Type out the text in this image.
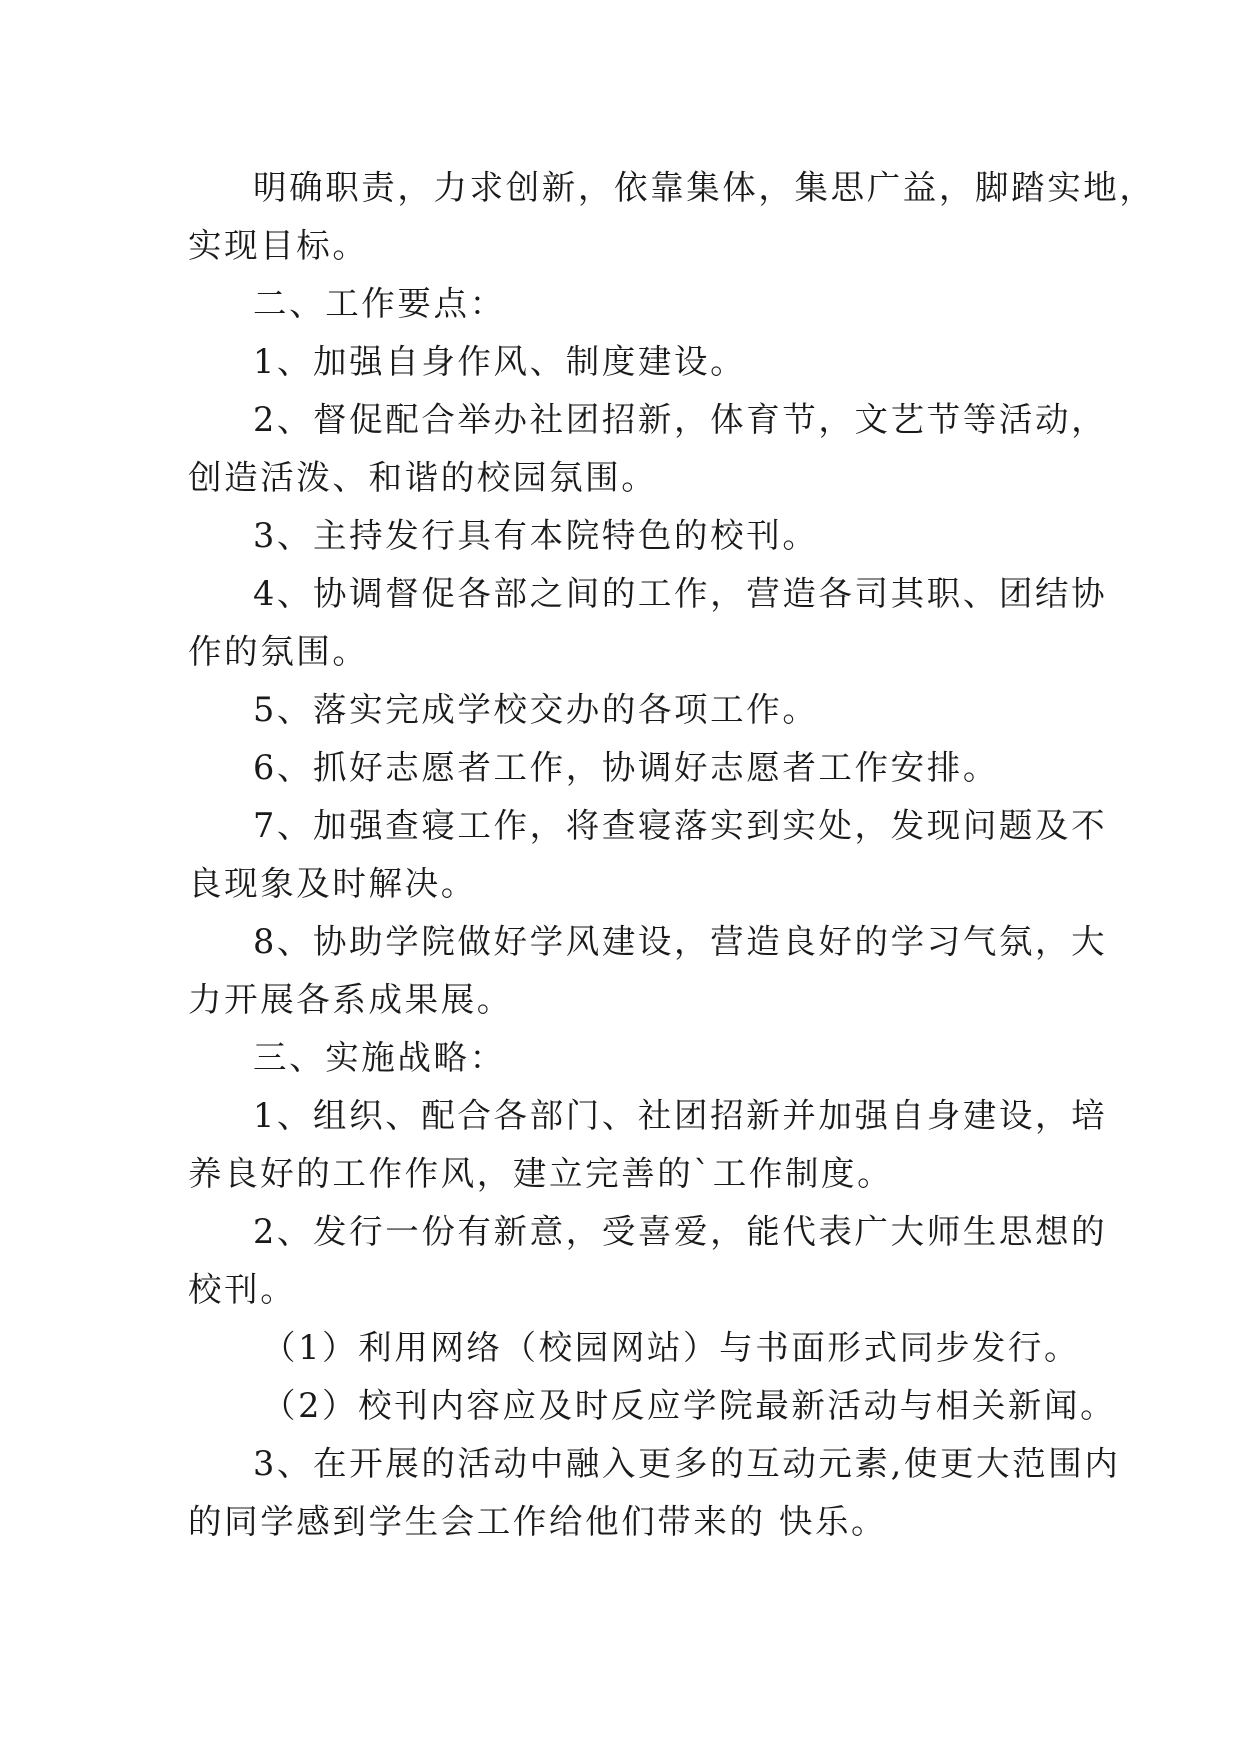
明确职责，力求创新，依靠集体，集思广益，脚踏实地，
实现目标。
二、工作要点：
1、加强自身作风、制度建设。
2、督促配合举办社团招新，体育节，文艺节等活动，
创造活泼、和谐的校园氛围。
3、主持发行具有本院特色的校刊。
4、协调督促各部之间的工作，营造各司其职、团结协
作的氛围。
5、落实完成学校交办的各项工作。
6、抓好志愿者工作，协调好志愿者工作安排。
7、加强查寝工作，将查寝落实到实处，发现问题及不
良现象及时解决。
8、协助学院做好学风建设，营造良好的学习气氛，大
力开展各系成果展。
三、实施战略：
1、组织、配合各部门、社团招新并加强自身建设，培
养良好的工作作风，建立完善的`工作制度。
2、发行一份有新意，受喜爱，能代表广大师生思想的
校刊。
（1）利用网络（校园网站）与书面形式同步发行。
（2）校刊内容应及时反应学院最新活动与相关新闻。
3、在开展的活动中融入更多的互动元素,使更大范围内
的同学感到学生会工作给他们带来的 快乐。
